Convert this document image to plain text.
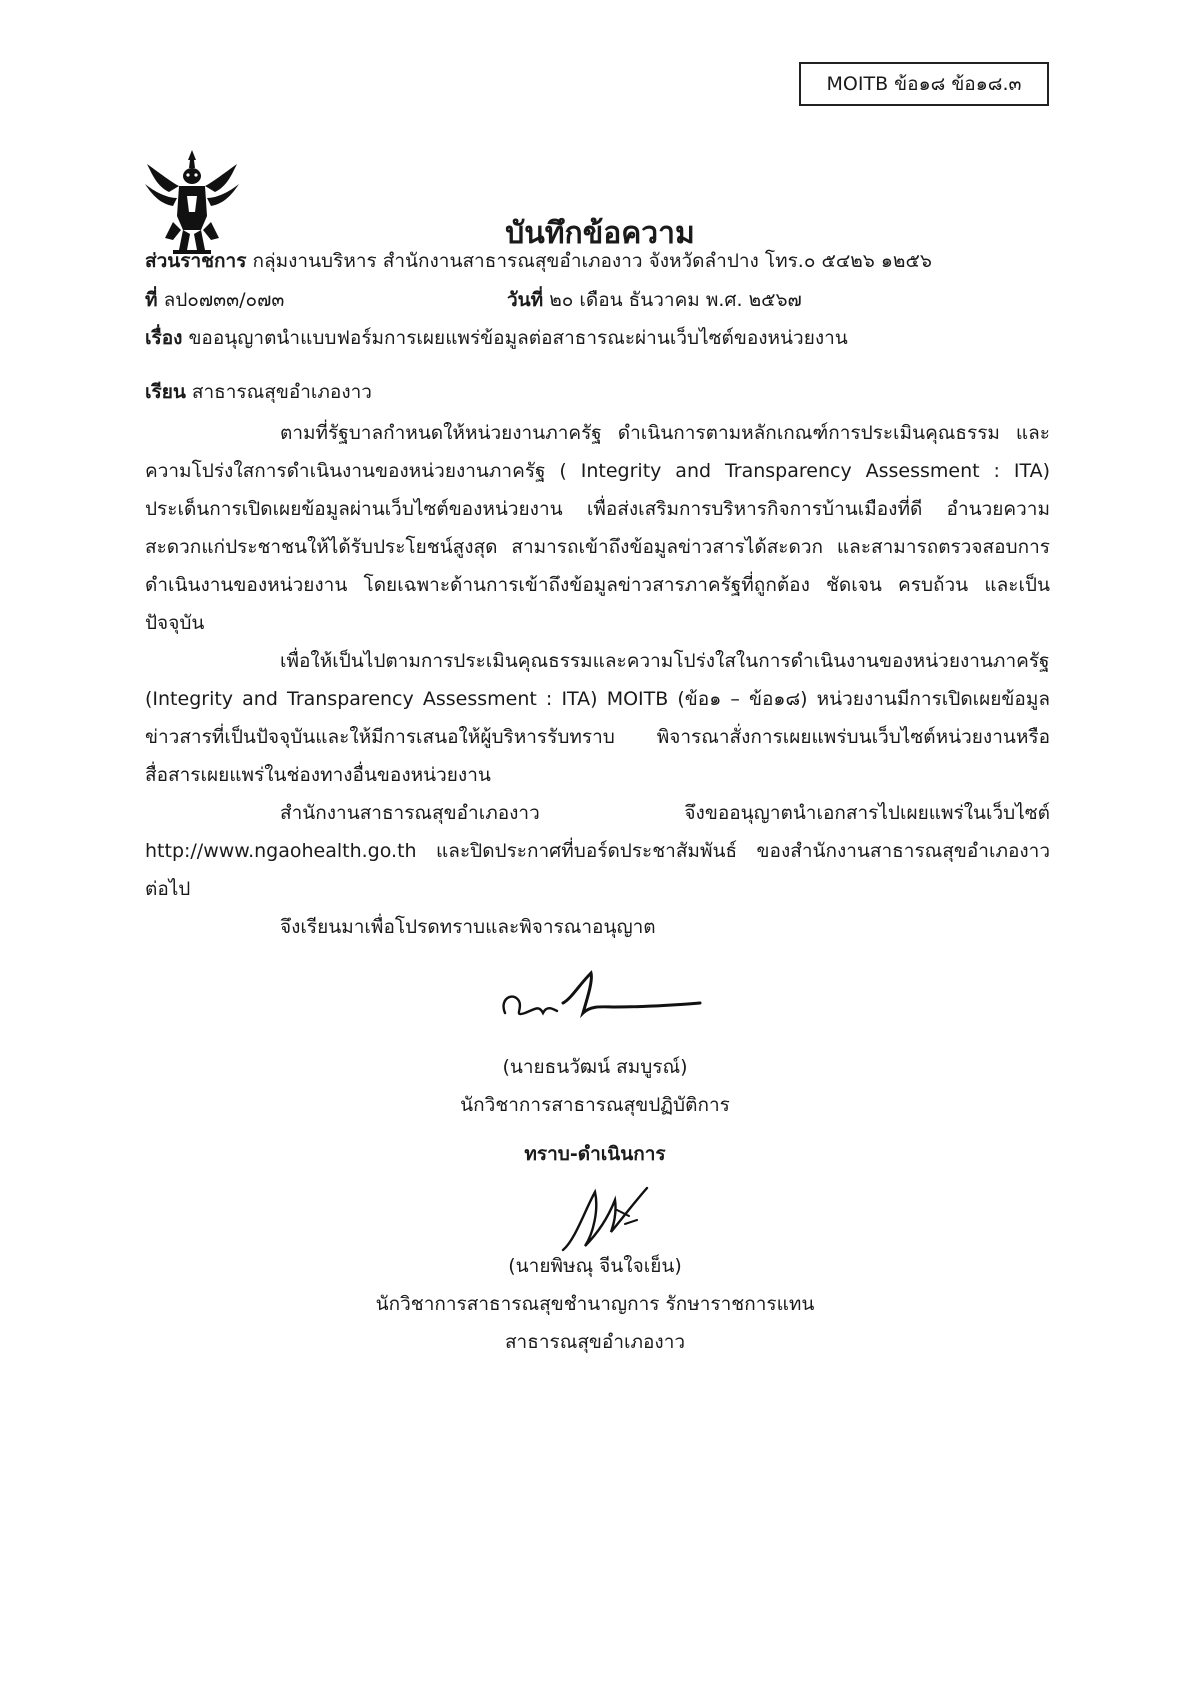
MOITB ข้อ๑๘ ข้อ๑๘.๓
บันทึกข้อความ
ส่วนราชการ กลุ่มงานบริหาร สำนักงานสาธารณสุขอำเภองาว จังหวัดลำปาง โทร.๐ ๕๔๒๖ ๑๒๕๖
ที่ ลป๐๗๓๓/๐๗๓	วันที่ ๒๐ เดือน ธันวาคม พ.ศ. ๒๕๖๗
เรื่อง ขออนุญาตนำแบบฟอร์มการเผยแพร่ข้อมูลต่อสาธารณะผ่านเว็บไซต์ของหน่วยงาน
เรียน สาธารณสุขอำเภองาว

ตามที่รัฐบาลกำหนดให้หน่วยงานภาครัฐ ดำเนินการตามหลักเกณฑ์การประเมินคุณธรรม และความโปร่งใสการดำเนินงานของหน่วยงานภาครัฐ ( Integrity and Transparency Assessment : ITA) ประเด็นการเปิดเผยข้อมูลผ่านเว็บไซต์ของหน่วยงาน เพื่อส่งเสริมการบริหารกิจการบ้านเมืองที่ดี อำนวยความสะดวกแก่ประชาชนให้ได้รับประโยชน์สูงสุด สามารถเข้าถึงข้อมูลข่าวสารได้สะดวก และสามารถตรวจสอบการดำเนินงานของหน่วยงาน โดยเฉพาะด้านการเข้าถึงข้อมูลข่าวสารภาครัฐที่ถูกต้อง ชัดเจน ครบถ้วน และเป็นปัจจุบัน

เพื่อให้เป็นไปตามการประเมินคุณธรรมและความโปร่งใสในการดำเนินงานของหน่วยงานภาครัฐ (Integrity and Transparency Assessment : ITA) MOITB (ข้อ๑ – ข้อ๑๘) หน่วยงานมีการเปิดเผยข้อมูลข่าวสารที่เป็นปัจจุบันและให้มีการเสนอให้ผู้บริหารรับทราบ พิจารณาสั่งการเผยแพร่บนเว็บไซต์หน่วยงานหรือสื่อสารเผยแพร่ในช่องทางอื่นของหน่วยงาน

สำนักงานสาธารณสุขอำเภองาว จึงขออนุญาตนำเอกสารไปเผยแพร่ในเว็บไซต์ http://www.ngaohealth.go.th และปิดประกาศที่บอร์ดประชาสัมพันธ์ ของสำนักงานสาธารณสุขอำเภองาว ต่อไป

จึงเรียนมาเพื่อโปรดทราบและพิจารณาอนุญาต

(นายธนวัฒน์ สมบูรณ์)
นักวิชาการสาธารณสุขปฏิบัติการ
ทราบ-ดำเนินการ
(นายพิษณุ จีนใจเย็น)
นักวิชาการสาธารณสุขชำนาญการ รักษาราชการแทน
สาธารณสุขอำเภองาว
